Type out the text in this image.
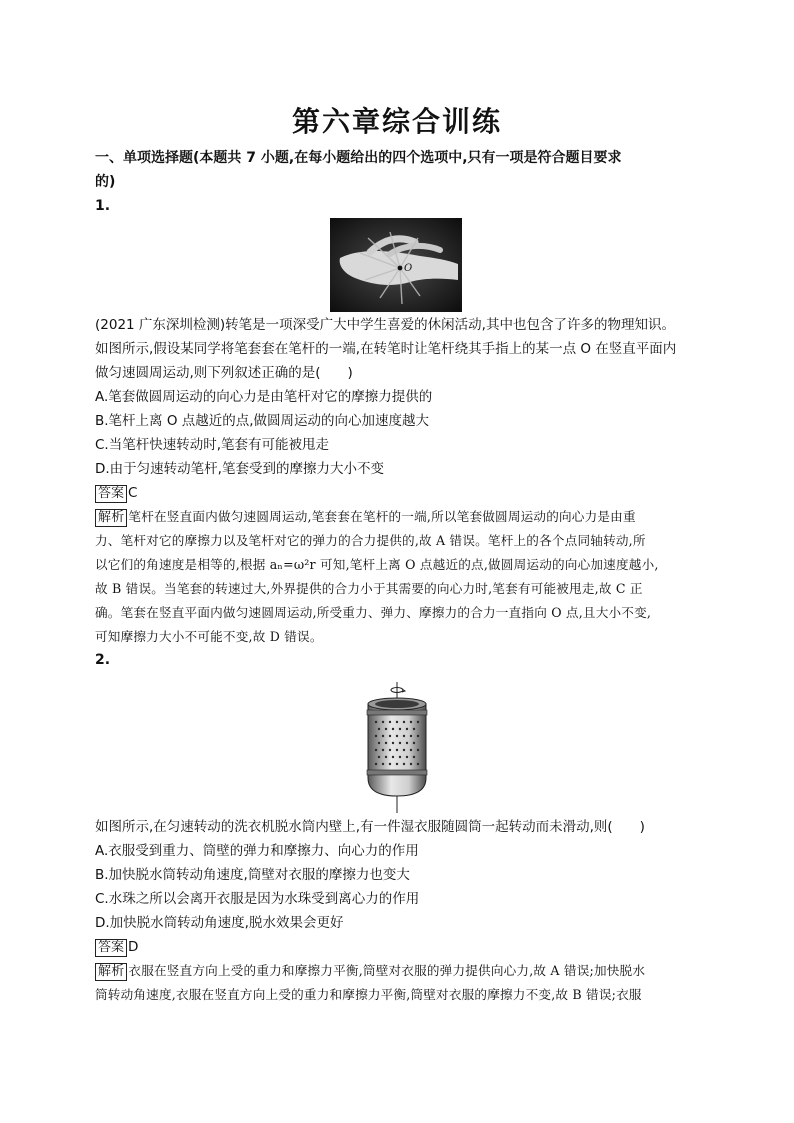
第六章综合训练
一、单项选择题(本题共 7 小题,在每小题给出的四个选项中,只有一项是符合题目要求
的)
1.
O
(2021 广东深圳检测)转笔是一项深受广大中学生喜爱的休闲活动,其中也包含了许多的物理知识。
如图所示,假设某同学将笔套套在笔杆的一端,在转笔时让笔杆绕其手指上的某一点 O 在竖直平面内
做匀速圆周运动,则下列叙述正确的是(　　)
A.笔套做圆周运动的向心力是由笔杆对它的摩擦力提供的
B.笔杆上离 O 点越近的点,做圆周运动的向心加速度越大
C.当笔杆快速转动时,笔套有可能被甩走
D.由于匀速转动笔杆,笔套受到的摩擦力大小不变
答案 C
解析 笔杆在竖直面内做匀速圆周运动,笔套套在笔杆的一端,所以笔套做圆周运动的向心力是由重
力、笔杆对它的摩擦力以及笔杆对它的弹力的合力提供的,故 A 错误。笔杆上的各个点同轴转动,所
以它们的角速度是相等的,根据 aₙ=ω²r 可知,笔杆上离 O 点越近的点,做圆周运动的向心加速度越小,
故 B 错误。当笔套的转速过大,外界提供的合力小于其需要的向心力时,笔套有可能被甩走,故 C 正
确。笔套在竖直平面内做匀速圆周运动,所受重力、弹力、摩擦力的合力一直指向 O 点,且大小不变,
可知摩擦力大小不可能不变,故 D 错误。
2.
如图所示,在匀速转动的洗衣机脱水筒内壁上,有一件湿衣服随圆筒一起转动而未滑动,则(　　)
A.衣服受到重力、筒壁的弹力和摩擦力、向心力的作用
B.加快脱水筒转动角速度,筒壁对衣服的摩擦力也变大
C.水珠之所以会离开衣服是因为水珠受到离心力的作用
D.加快脱水筒转动角速度,脱水效果会更好
答案 D
解析 衣服在竖直方向上受的重力和摩擦力平衡,筒壁对衣服的弹力提供向心力,故 A 错误;加快脱水
筒转动角速度,衣服在竖直方向上受的重力和摩擦力平衡,筒壁对衣服的摩擦力不变,故 B 错误;衣服
